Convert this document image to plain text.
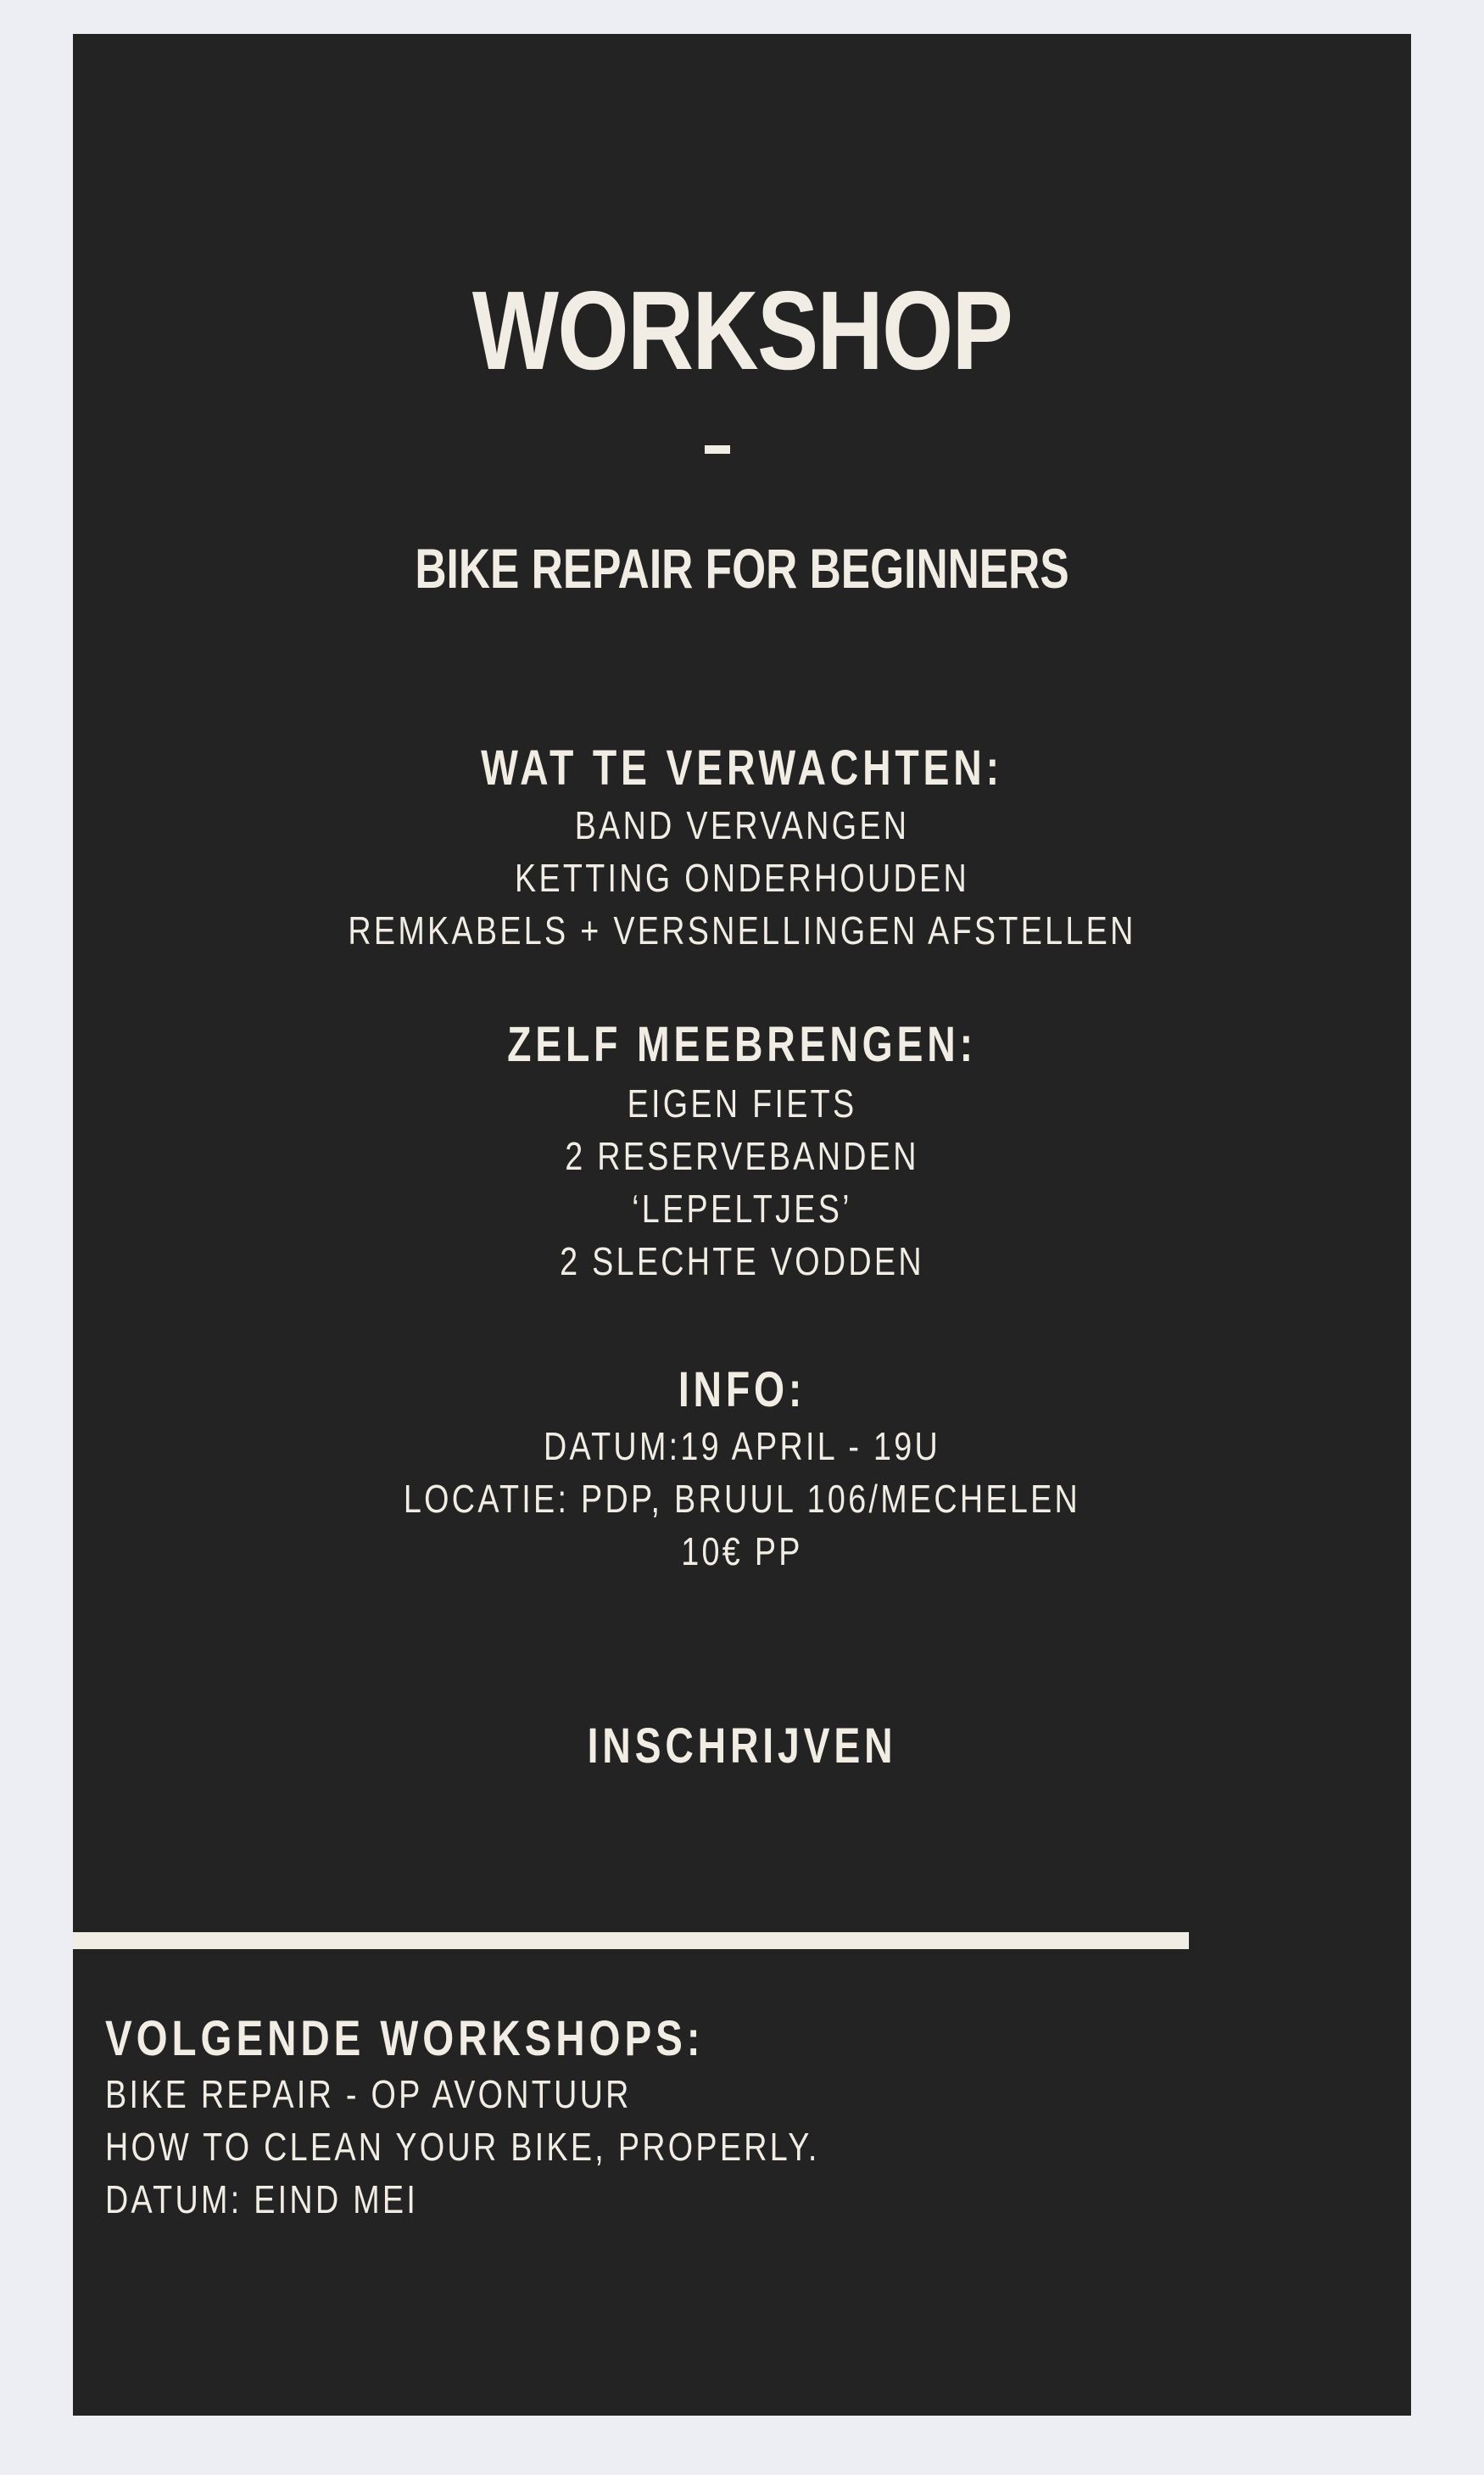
WORKSHOP
BIKE REPAIR FOR BEGINNERS
WAT TE VERWACHTEN:
BAND VERVANGEN
KETTING ONDERHOUDEN
REMKABELS + VERSNELLINGEN AFSTELLEN
ZELF MEEBRENGEN:
EIGEN FIETS
2 RESERVEBANDEN
‘LEPELTJES’
2 SLECHTE VODDEN
INFO:
DATUM:19 APRIL - 19U
LOCATIE: PDP, BRUUL 106/MECHELEN
10€ PP
INSCHRIJVEN
VOLGENDE WORKSHOPS:
BIKE REPAIR - OP AVONTUUR
HOW TO CLEAN YOUR BIKE, PROPERLY.
DATUM: EIND MEI
